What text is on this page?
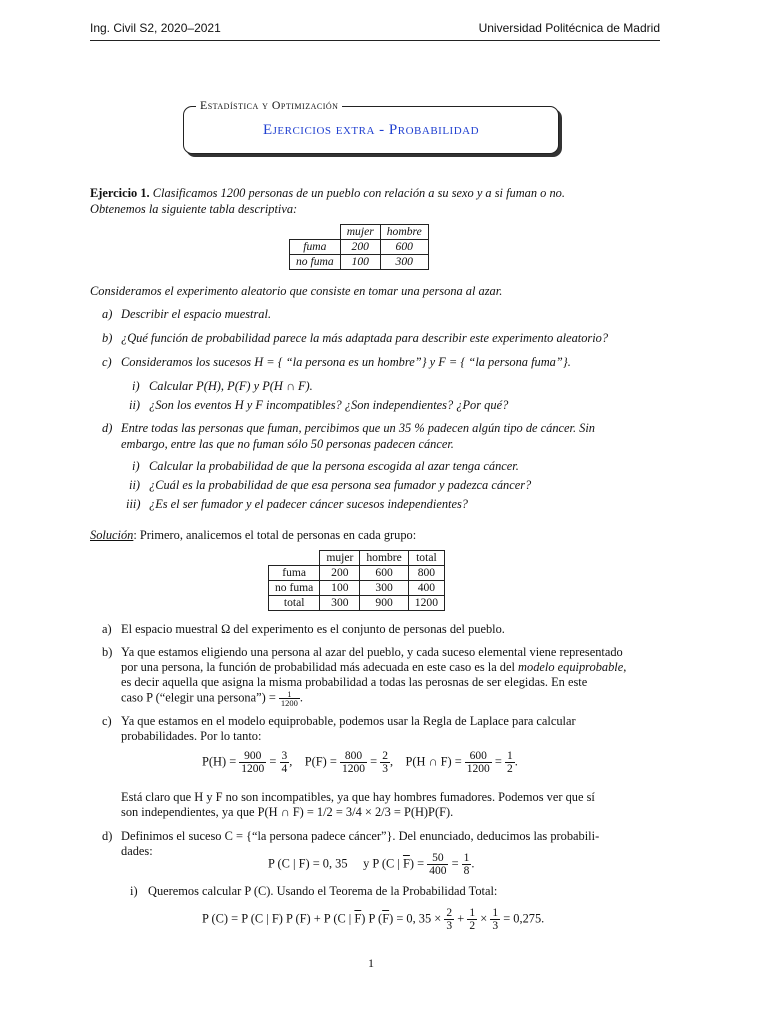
Ing. Civil S2, 2020–2021	Universidad Politécnica de Madrid
Ejercicios extra - Probabilidad
Estadística y Optimización
Ejercicio 1. Clasificamos 1200 personas de un pueblo con relación a su sexo y a si fuman o no.
Obtenemos la siguiente tabla descriptiva:
	mujer	hombre
fuma	200	600
no fuma	100	300
Consideramos el experimento aleatorio que consiste en tomar una persona al azar.
a) Describir el espacio muestral.
b) ¿Qué función de probabilidad parece la más adaptada para describir este experimento aleatorio?
c) Consideramos los sucesos H = { “la persona es un hombre”} y F = { “la persona fuma”}.
i) Calcular P(H), P(F) y P(H ∩ F).
ii) ¿Son los eventos H y F incompatibles? ¿Son independientes? ¿Por qué?
d) Entre todas las personas que fuman, percibimos que un 35 % padecen algún tipo de cáncer. Sin
embargo, entre las que no fuman sólo 50 personas padecen cáncer.
i) Calcular la probabilidad de que la persona escogida al azar tenga cáncer.
ii) ¿Cuál es la probabilidad de que esa persona sea fumador y padezca cáncer?
iii) ¿Es el ser fumador y el padecer cáncer sucesos independientes?
Solución: Primero, analicemos el total de personas en cada grupo:
	mujer	hombre	total
fuma	200	600	800
no fuma	100	300	400
total	300	900	1200
a) El espacio muestral Ω del experimento es el conjunto de personas del pueblo.
b) Ya que estamos eligiendo una persona al azar del pueblo, y cada suceso elemental viene representado
por una persona, la función de probabilidad más adecuada en este caso es la del modelo equiprobable,
es decir aquella que asigna la misma probabilidad a todas las perosnas de ser elegidas. En este
caso P (“elegir una persona”) = $\frac{1}{1200}$ .
c) Ya que estamos en el modelo equiprobable, podemos usar la Regla de Laplace para calcular
probabilidades. Por lo tanto:
$P(H) = \frac{900}{1200} = \frac{3}{4}$ , $P(F) = \frac{800}{1200} = \frac{2}{3}$ , P(H ∩ $F) = \frac{600}{1200} = \frac{1}{2}$ .
Está claro que H y F no son incompatibles, ya que hay hombres fumadores. Podemos ver que sí
son independientes, ya que P(H ∩ F) = 1/2 = 3/4 × 2/3 = P(H)P(F).
d) Definimos el suceso C = {“la persona padece cáncer”}. Del enunciado, deducimos las probabili-
dades:
P (C | F) = 0, 35 y P (C | $\overline{F}) = \frac{50}{400} = \frac{1}{8}$ .
i) Queremos calcular P (C). Usando el Teorema de la Probabilidad Total:
P (C) = P (C | F) P (F) + P (C | $\overline{F}$) P $(\overline{F}) = 0$, $35 \times \frac{2}{3} + \frac{1}{2} \times \frac{1}{3} = 0,275$.
1
